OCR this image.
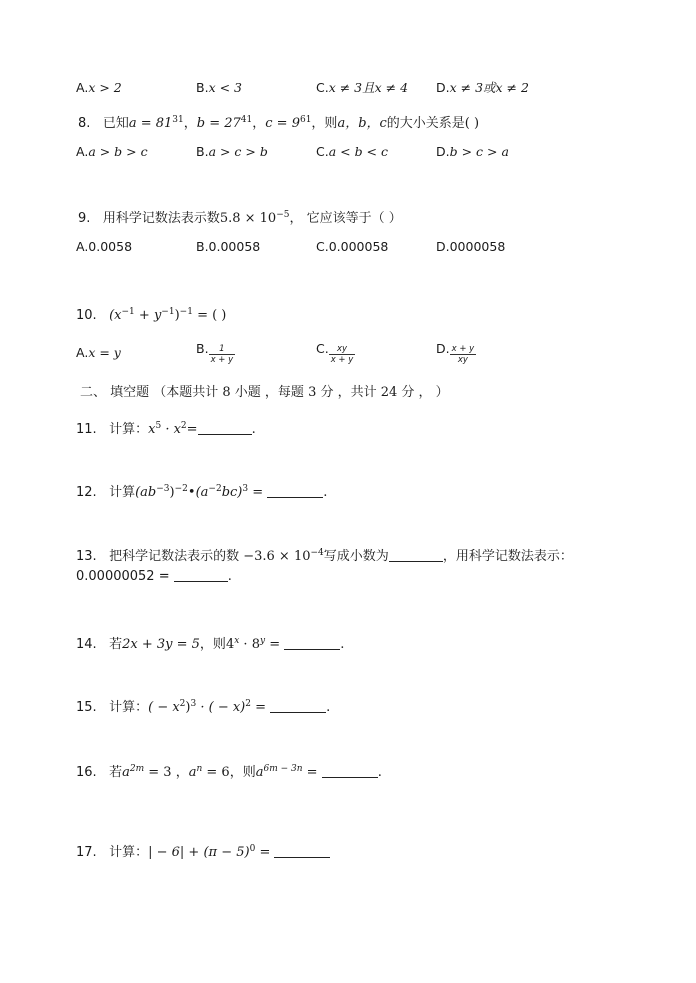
A.x > 2	B.x < 3	C.x ≠ 3且x ≠ 4 D.x ≠ 3或x ≠ 2
8. 已知$a = 81^{31}$，$b = 27^{41}$，$c = 9^{61}$，则a，b，c的大小关系是( )
A.a > b > c	B.a > c > b	C.a < b < c	D.b > c > a
9. 用科学记数法表示数$5.8 \times 10^{-5}$， 它应该等于（ ）
A.0.0058	B.0.00058	C.0.000058	D.0000058
10. $(x^{-1} + y^{-1})^{-1}$ = ( )
A.x = y	B. $\frac{1}{x + y}$	C. $\frac{xy}{x + y}$	D. $\frac{x + y}{xy}$
二、 填空题 （本题共计 8 小题 ，每题 3 分 ，共计 24 分 ， ）
11. 计算：$x^5 \cdot x^2=$	.
12. 计算$(ab^{-3})^{-2}•(a^{-2}bc)^3$ =	.
13. 把科学记数法表示的数 $-3.6 \times 10^{-4}$写成小数为	，用科学记数法表示：
0.00000052 =	.
14. 若2x + 3y = 5，则$4^x \cdot 8^y$ =	.
15. 计算：( − $x^2)^3$ · ( − x)$^2$ =	.
16. 若$a^{2m} = 3$ ，$a^n = 6$，则$a^{6m - 3n}$ =	.
17. 计算：| − $6| + (\pi - 5)^0$ =
